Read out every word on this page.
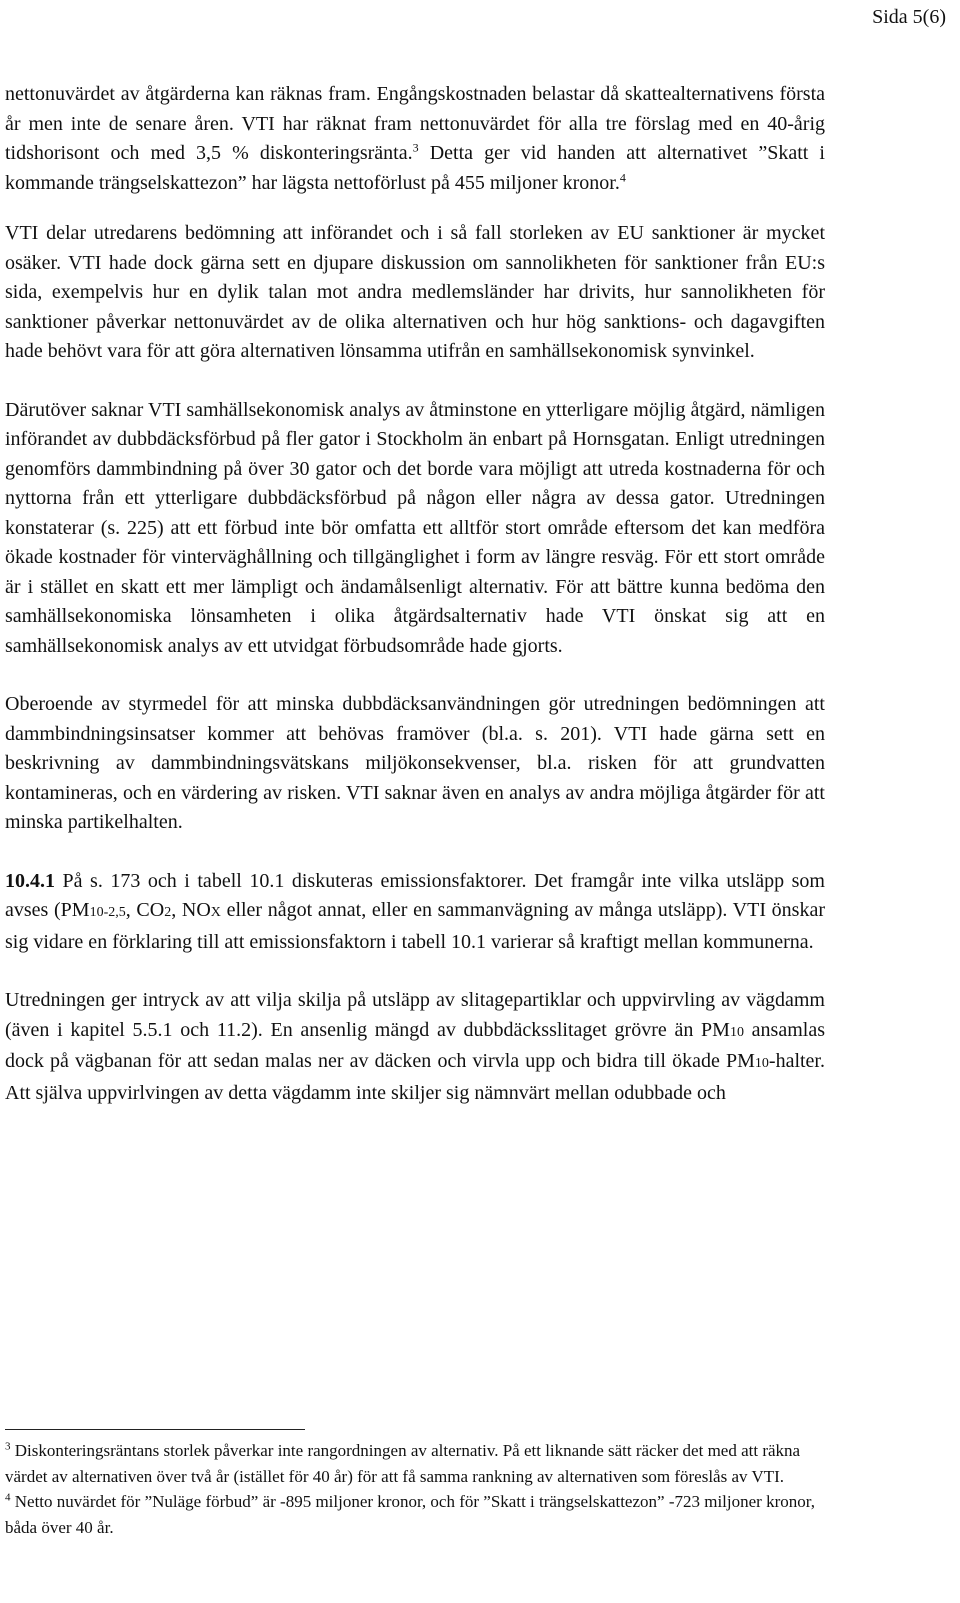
Sida 5(6)

nettonuvärdet av åtgärderna kan räknas fram. Engångskostnaden belastar då skattealternativens första år men inte de senare åren. VTI har räknat fram nettonuvärdet för alla tre förslag med en 40-årig tidshorisont och med 3,5 % diskonteringsränta.$^3$ Detta ger vid handen att alternativet ”Skatt i kommande trängselskattezon” har lägsta nettoförlust på 455 miljoner kronor.$^4$

VTI delar utredarens bedömning att införandet och i så fall storleken av EU sanktioner är mycket osäker. VTI hade dock gärna sett en djupare diskussion om sannolikheten för sanktioner från EU:s sida, exempelvis hur en dylik talan mot andra medlemsländer har drivits, hur sannolikheten för sanktioner påverkar nettonuvärdet av de olika alternativen och hur hög sanktions- och dagavgiften hade behövt vara för att göra alternativen lönsamma utifrån en samhällsekonomisk synvinkel.

Därutöver saknar VTI samhällsekonomisk analys av åtminstone en ytterligare möjlig åtgärd, nämligen införandet av dubbdäcksförbud på fler gator i Stockholm än enbart på Hornsgatan. Enligt utredningen genomförs dammbindning på över 30 gator och det borde vara möjligt att utreda kostnaderna för och nyttorna från ett ytterligare dubbdäcksförbud på någon eller några av dessa gator. Utredningen konstaterar (s. 225) att ett förbud inte bör omfatta ett alltför stort område eftersom det kan medföra ökade kostnader för vinterväghållning och tillgänglighet i form av längre resväg. För ett stort område är i stället en skatt ett mer lämpligt och ändamålsenligt alternativ. För att bättre kunna bedöma den samhällsekonomiska lönsamheten i olika åtgärdsalternativ hade VTI önskat sig att en samhällsekonomisk analys av ett utvidgat förbudsområde hade gjorts.

Oberoende av styrmedel för att minska dubbdäcksanvändningen gör utredningen bedömningen att dammbindningsinsatser kommer att behövas framöver (bl.a. s. 201). VTI hade gärna sett en beskrivning av dammbindningsvätskans miljökonsekvenser, bl.a. risken för att grundvatten kontamineras, och en värdering av risken. VTI saknar även en analys av andra möjliga åtgärder för att minska partikelhalten.

10.4.1 På s. 173 och i tabell 10.1 diskuteras emissionsfaktorer. Det framgår inte vilka utsläpp som avses (PM10-2,5, CO2, NOX eller något annat, eller en sammanvägning av många utsläpp). VTI önskar sig vidare en förklaring till att emissionsfaktorn i tabell 10.1 varierar så kraftigt mellan kommunerna.

Utredningen ger intryck av att vilja skilja på utsläpp av slitagepartiklar och uppvirvling av vägdamm (även i kapitel 5.5.1 och 11.2). En ansenlig mängd av dubbdäcksslitaget grövre än PM10 ansamlas dock på vägbanan för att sedan malas ner av däcken och virvla upp och bidra till ökade PM10-halter. Att själva uppvirlvingen av detta vägdamm inte skiljer sig nämnvärt mellan odubbade och

$^3$ Diskonteringsräntans storlek påverkar inte rangordningen av alternativ. På ett liknande sätt räcker det med att räkna värdet av alternativen över två år (istället för 40 år) för att få samma rankning av alternativen som föreslås av VTI.

$^4$ Netto nuvärdet för ”Nuläge förbud” är -895 miljoner kronor, och för ”Skatt i trängselskattezon” -723 miljoner kronor, båda över 40 år.
